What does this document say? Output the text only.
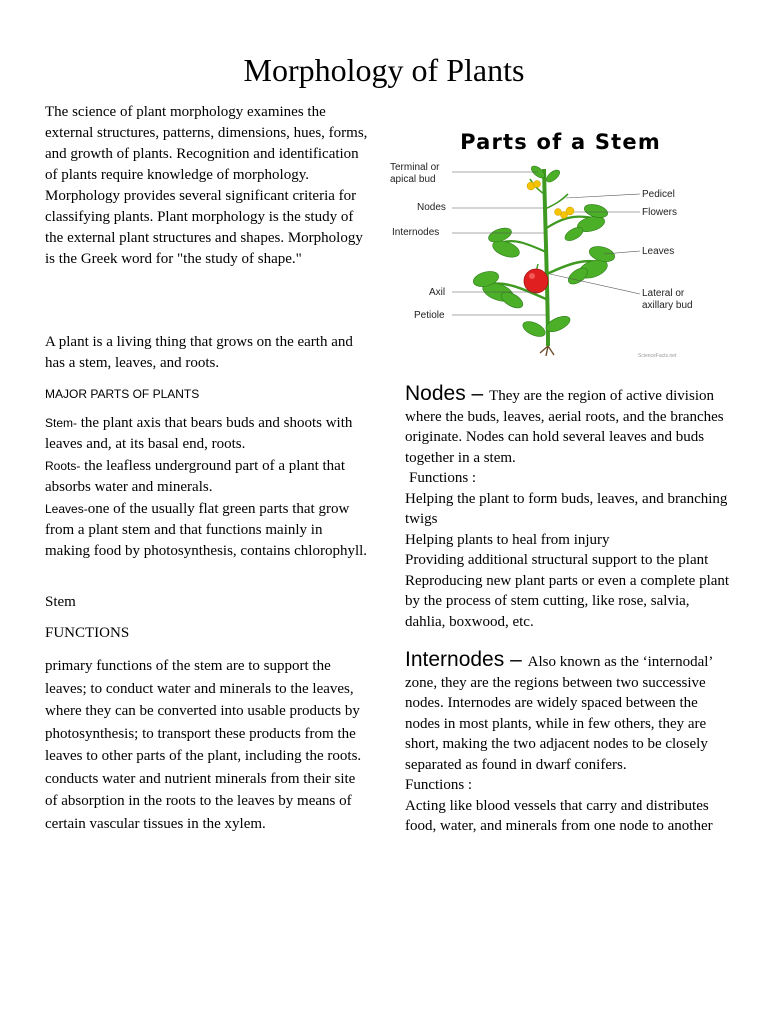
Morphology of Plants

The science of plant morphology examines the external structures, patterns, dimensions, hues, forms, and growth of plants. Recognition and identification of plants require knowledge of morphology. Morphology provides several significant criteria for classifying plants. Plant morphology is the study of the external plant structures and shapes. Morphology is the Greek word for "the study of shape."

A plant is a living thing that grows on the earth and has a stem, leaves, and roots.

MAJOR PARTS OF PLANTS

Stem- the plant axis that bears buds and shoots with leaves and, at its basal end, roots.

Roots- the leafless underground part of a plant that absorbs water and minerals.

Leaves-one of the usually flat green parts that grow from a plant stem and that functions mainly in making food by photosynthesis, contains chlorophyll.

Stem

FUNCTIONS

primary functions of the stem are to support the leaves; to conduct water and minerals to the leaves, where they can be converted into usable products by photosynthesis; to transport these products from the leaves to other parts of the plant, including the roots. conducts water and nutrient minerals from their site of absorption in the roots to the leaves by means of certain vascular tissues in the xylem.

Terminal or
apical bud
Nodes
Internodes
Axil
Petiole
Pedicel
Flowers
Leaves
Lateral or
axillary bud
ScienceFacts.net
Parts of a Stem

Nodes – They are the region of active division where the buds, leaves, aerial roots, and the branches originate. Nodes can hold several leaves and buds together in a stem.

Functions :

Helping the plant to form buds, leaves, and branching twigs

Helping plants to heal from injury

Providing additional structural support to the plant

Reproducing new plant parts or even a complete plant by the process of stem cutting, like rose, salvia, dahlia, boxwood, etc.

Internodes – Also known as the ‘internodal’ zone, they are the regions between two successive nodes. Internodes are widely spaced between the nodes in most plants, while in few others, they are short, making the two adjacent nodes to be closely separated as found in dwarf conifers.

Functions :

Acting like blood vessels that carry and distributes food, water, and minerals from one node to another
